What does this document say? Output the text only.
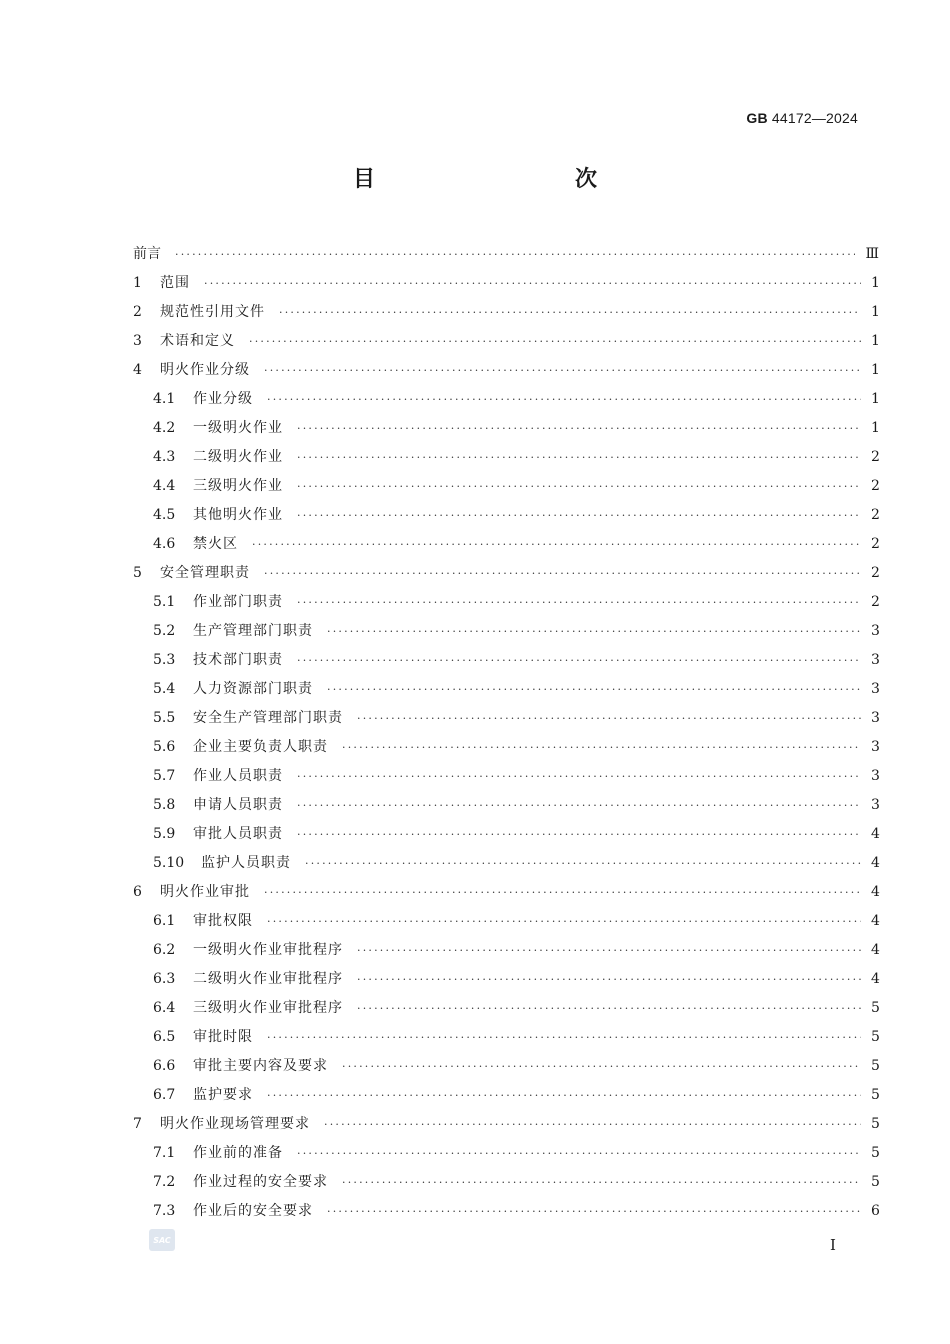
GB 44172—2024
目　　次
前言 ·····	Ⅲ
1	范围 ·····	1
2	规范性引用文件 ·····	1
3	术语和定义 ·····	1
4	明火作业分级 ·····	1
4.1	作业分级 ·····	1
4.2	一级明火作业 ·····	1
4.3	二级明火作业 ·····	2
4.4	三级明火作业 ·····	2
4.5	其他明火作业 ·····	2
4.6	禁火区 ·····	2
5	安全管理职责 ·····	2
5.1	作业部门职责 ·····	2
5.2	生产管理部门职责 ·····	3
5.3	技术部门职责 ·····	3
5.4	人力资源部门职责 ·····	3
5.5	安全生产管理部门职责 ·····	3
5.6	企业主要负责人职责 ·····	3
5.7	作业人员职责 ·····	3
5.8	申请人员职责 ·····	3
5.9	审批人员职责 ·····	4
5.10	监护人员职责 ·····	4
6	明火作业审批 ·····	4
6.1	审批权限 ·····	4
6.2	一级明火作业审批程序 ·····	4
6.3	二级明火作业审批程序 ·····	4
6.4	三级明火作业审批程序 ·····	5
6.5	审批时限 ·····	5
6.6	审批主要内容及要求 ·····	5
6.7	监护要求 ·····	5
7	明火作业现场管理要求 ·····	5
7.1	作业前的准备 ·····	5
7.2	作业过程的安全要求 ·····	5
7.3	作业后的安全要求 ·····	6
SAC	I
